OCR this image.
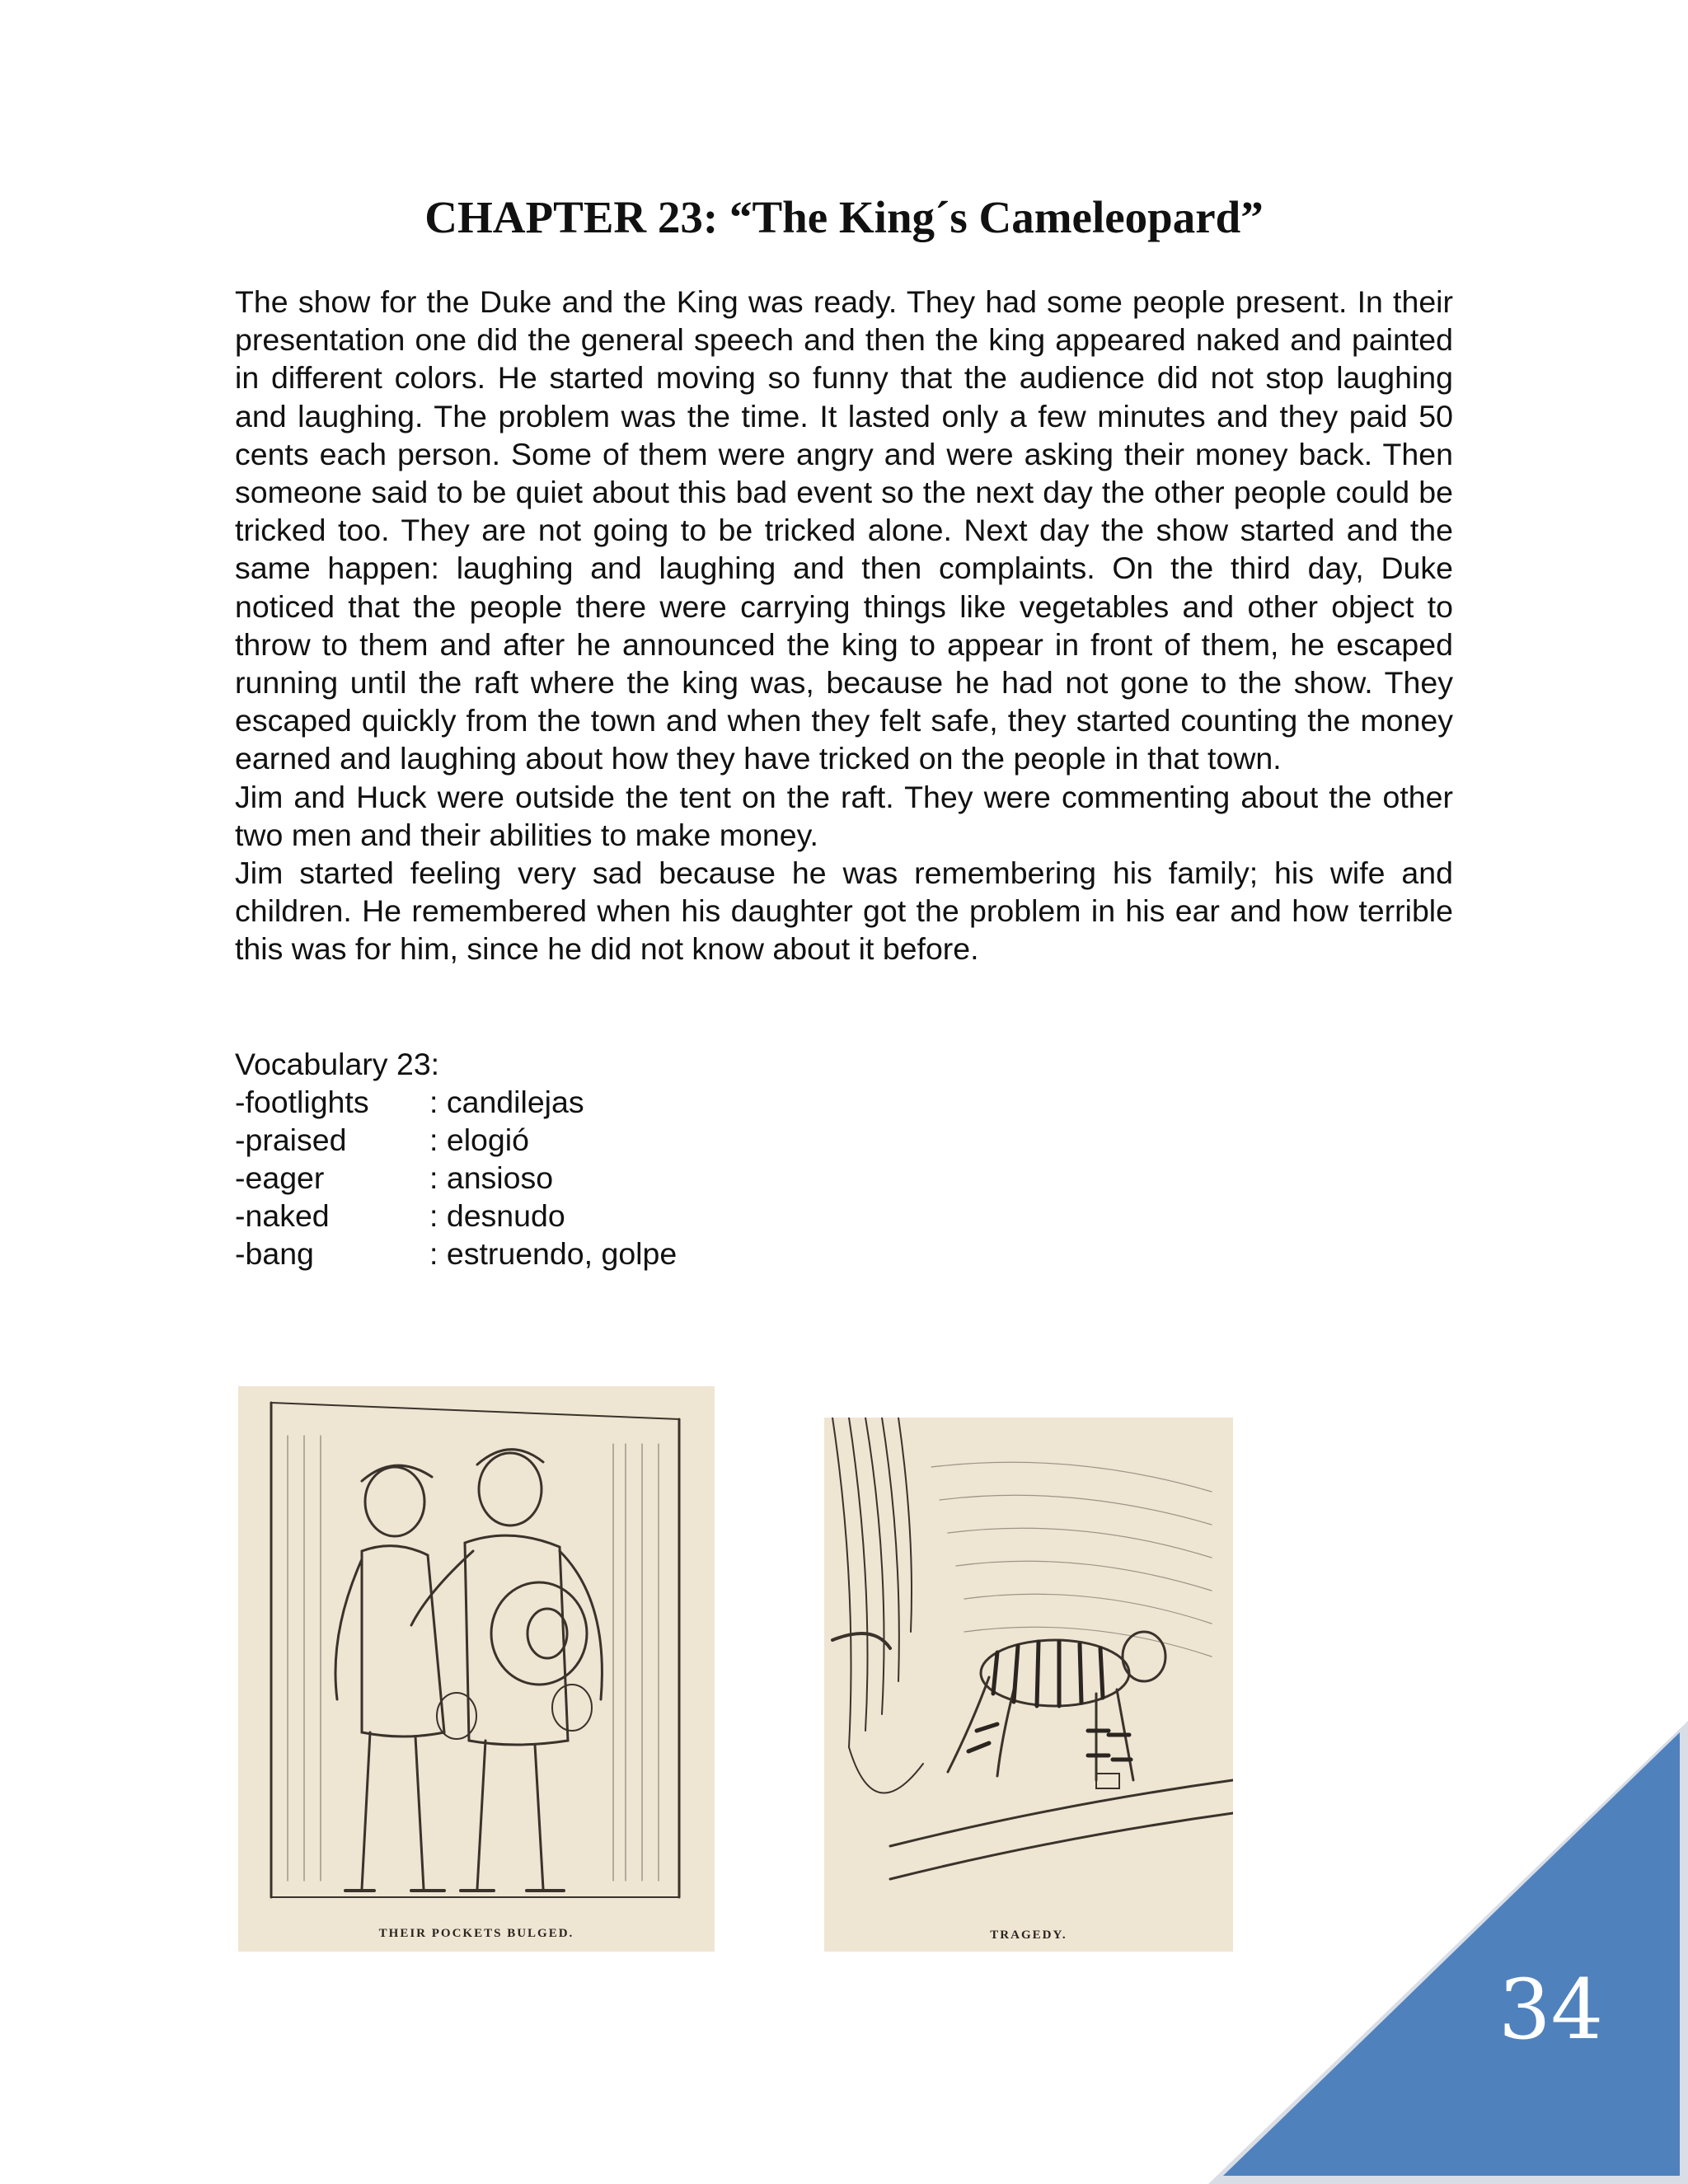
CHAPTER 23: “The King´s Cameleopard”

The show for the Duke and the King was ready. They had some people present. In their presentation one did the general speech and then the king appeared naked and painted in different colors. He started moving so funny that the audience did not stop laughing and laughing. The problem was the time. It lasted only a few minutes and they paid 50 cents each person. Some of them were angry and were asking their money back. Then someone said to be quiet about this bad event so the next day the other people could be tricked too. They are not going to be tricked alone. Next day the show started and the same happen: laughing and laughing and then complaints. On the third day, Duke noticed that the people there were carrying things like vegetables and other object to throw to them and after he announced the king to appear in front of them, he escaped running until the raft where the king was, because he had not gone to the show. They escaped quickly from the town and when they felt safe, they started counting the money earned and laughing about how they have tricked on the people in that town.

Jim and Huck were outside the tent on the raft. They were commenting about the other two men and their abilities to make money.

Jim started feeling very sad because he was remembering his family; his wife and children. He remembered when his daughter got the problem in his ear and how terrible this was for him, since he did not know about it before.

Vocabulary 23:
-footlights	: candilejas
-praised	: elogió
-eager	: ansioso
-naked	: desnudo
-bang	: estruendo, golpe
THEIR POCKETS BULGED.	TRAGEDY.
34
